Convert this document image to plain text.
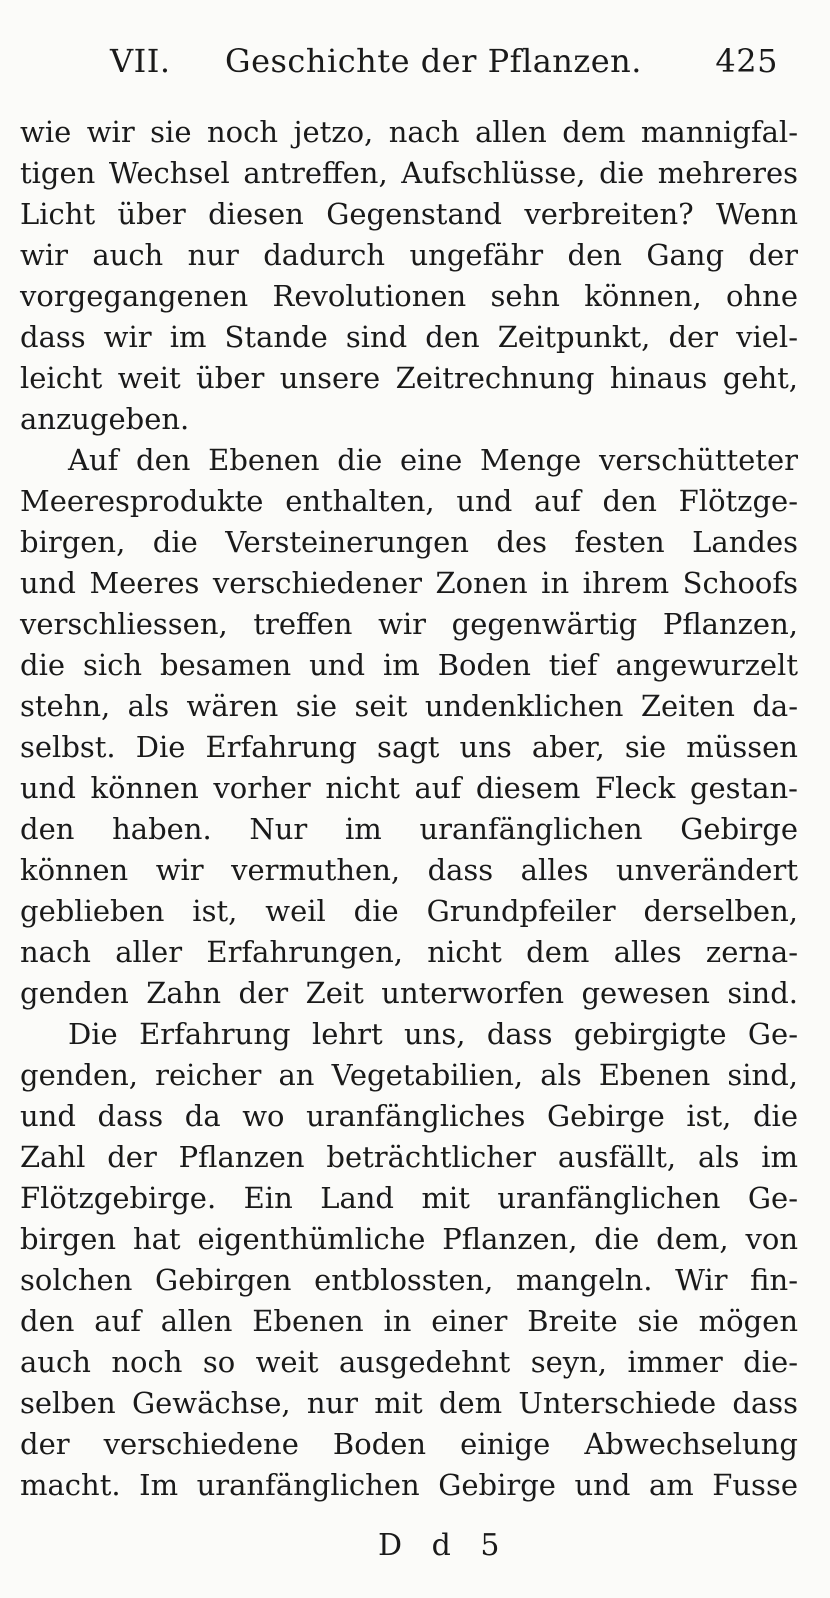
VII. Geschichte der Pflanzen. 425
wie wir sie noch jetzo, nach allen dem mannigfal-
tigen Wechsel antreffen, Aufschlüsse, die mehreres
Licht über diesen Gegenstand verbreiten? Wenn
wir auch nur dadurch ungefähr den Gang der
vorgegangenen Revolutionen sehn können, ohne
dass wir im Stande sind den Zeitpunkt, der viel-
leicht weit über unsere Zeitrechnung hinaus geht,
anzugeben.
Auf den Ebenen die eine Menge verschütteter
Meeresprodukte enthalten, und auf den Flötzge-
birgen, die Versteinerungen des festen Landes
und Meeres verschiedener Zonen in ihrem Schoofs
verschliessen, treffen wir gegenwärtig Pflanzen,
die sich besamen und im Boden tief angewurzelt
stehn, als wären sie seit undenklichen Zeiten da-
selbst. Die Erfahrung sagt uns aber, sie müssen
und können vorher nicht auf diesem Fleck gestan-
den haben. Nur im uranfänglichen Gebirge
können wir vermuthen, dass alles unverändert
geblieben ist, weil die Grundpfeiler derselben,
nach aller Erfahrungen, nicht dem alles zerna-
genden Zahn der Zeit unterworfen gewesen sind.
Die Erfahrung lehrt uns, dass gebirgigte Ge-
genden, reicher an Vegetabilien, als Ebenen sind,
und dass da wo uranfängliches Gebirge ist, die
Zahl der Pflanzen beträchtlicher ausfällt, als im
Flötzgebirge. Ein Land mit uranfänglichen Ge-
birgen hat eigenthümliche Pflanzen, die dem, von
solchen Gebirgen entblossten, mangeln. Wir fin-
den auf allen Ebenen in einer Breite sie mögen
auch noch so weit ausgedehnt seyn, immer die-
selben Gewächse, nur mit dem Unterschiede dass
der verschiedene Boden einige Abwechselung
macht. Im uranfänglichen Gebirge und am Fusse
D d 5
